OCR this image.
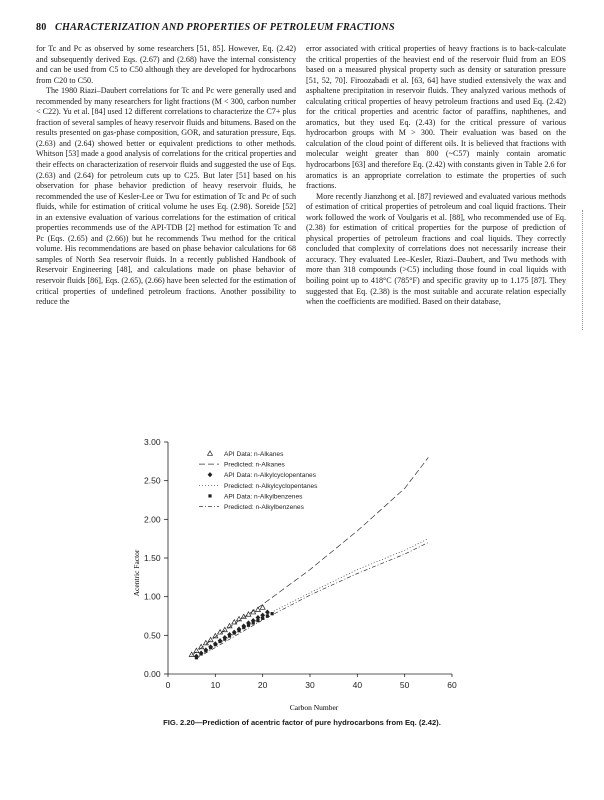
80 CHARACTERIZATION AND PROPERTIES OF PETROLEUM FRACTIONS

for Tc and Pc as observed by some researchers [51, 85]. However, Eq. (2.42) and subsequently derived Eqs. (2.67) and (2.68) have the internal consistency and can be used from C5 to C50 although they are developed for hydrocarbons from C20 to C50.

The 1980 Riazi–Daubert correlations for Tc and Pc were generally used and recommended by many researchers for light fractions (M < 300, carbon number < C22). Yu et al. [84] used 12 different correlations to characterize the C7+ plus fraction of several samples of heavy reservoir fluids and bitumens. Based on the results presented on gas-phase composition, GOR, and saturation pressure, Eqs. (2.63) and (2.64) showed better or equivalent predictions to other methods. Whitson [53] made a good analysis of correlations for the critical properties and their effects on characterization of reservoir fluids and suggested the use of Eqs. (2.63) and (2.64) for petroleum cuts up to C25. But later [51] based on his observation for phase behavior prediction of heavy reservoir fluids, he recommended the use of Kesler-Lee or Twu for estimation of Tc and Pc of such fluids, while for estimation of critical volume he uses Eq. (2.98). Soreide [52] in an extensive evaluation of various correlations for the estimation of critical properties recommends use of the API-TDB [2] method for estimation Tc and Pc (Eqs. (2.65) and (2.66)) but he recommends Twu method for the critical volume. His recommendations are based on phase behavior calculations for 68 samples of North Sea reservoir fluids. In a recently published Handbook of Reservoir Engineering [48], and calculations made on phase behavior of reservoir fluids [86], Eqs. (2.65), (2.66) have been selected for the estimation of critical properties of undefined petroleum fractions. Another possibility to reduce the

error associated with critical properties of heavy fractions is to back-calculate the critical properties of the heaviest end of the reservoir fluid from an EOS based on a measured physical property such as density or saturation pressure [51, 52, 70]. Firoozabadi et al. [63, 64] have studied extensively the wax and asphaltene precipitation in reservoir fluids. They analyzed various methods of calculating critical properties of heavy petroleum fractions and used Eq. (2.42) for the critical properties and acentric factor of paraffins, naphthenes, and aromatics, but they used Eq. (2.43) for the critical pressure of various hydrocarbon groups with M > 300. Their evaluation was based on the calculation of the cloud point of different oils. It is believed that fractions with molecular weight greater than 800 (~C57) mainly contain aromatic hydrocarbons [63] and therefore Eq. (2.42) with constants given in Table 2.6 for aromatics is an appropriate correlation to estimate the properties of such fractions.

More recently Jianzhong et al. [87] reviewed and evaluated various methods of estimation of critical properties of petroleum and coal liquid fractions. Their work followed the work of Voulgaris et al. [88], who recommended use of Eq. (2.38) for estimation of critical properties for the purpose of prediction of physical properties of petroleum fractions and coal liquids. They correctly concluded that complexity of correlations does not necessarily increase their accuracy. They evaluated Lee–Kesler, Riazi–Daubert, and Twu methods with more than 318 compounds (>C5) including those found in coal liquids with boiling point up to 418°C (785°F) and specific gravity up to 1.175 [87]. They suggested that Eq. (2.38) is the most suitable and accurate relation especially when the coefficients are modified. Based on their database,

0.00
0.50
1.00
1.50
2.00
2.50
3.00
0	10	20	30	40	50	60
API Data: n-Alkanes
Predicted: n-Alkanes
API Data: n-Alkylcyclopentanes
Predicted: n-Alkylcyclopentanes
API Data: n-Alkylbenzenes
Predicted: n-Alkylbenzenes
Carbon Number
Acentric Factor
FIG. 2.20—Prediction of acentric factor of pure hydrocarbons from Eq. (2.42).
